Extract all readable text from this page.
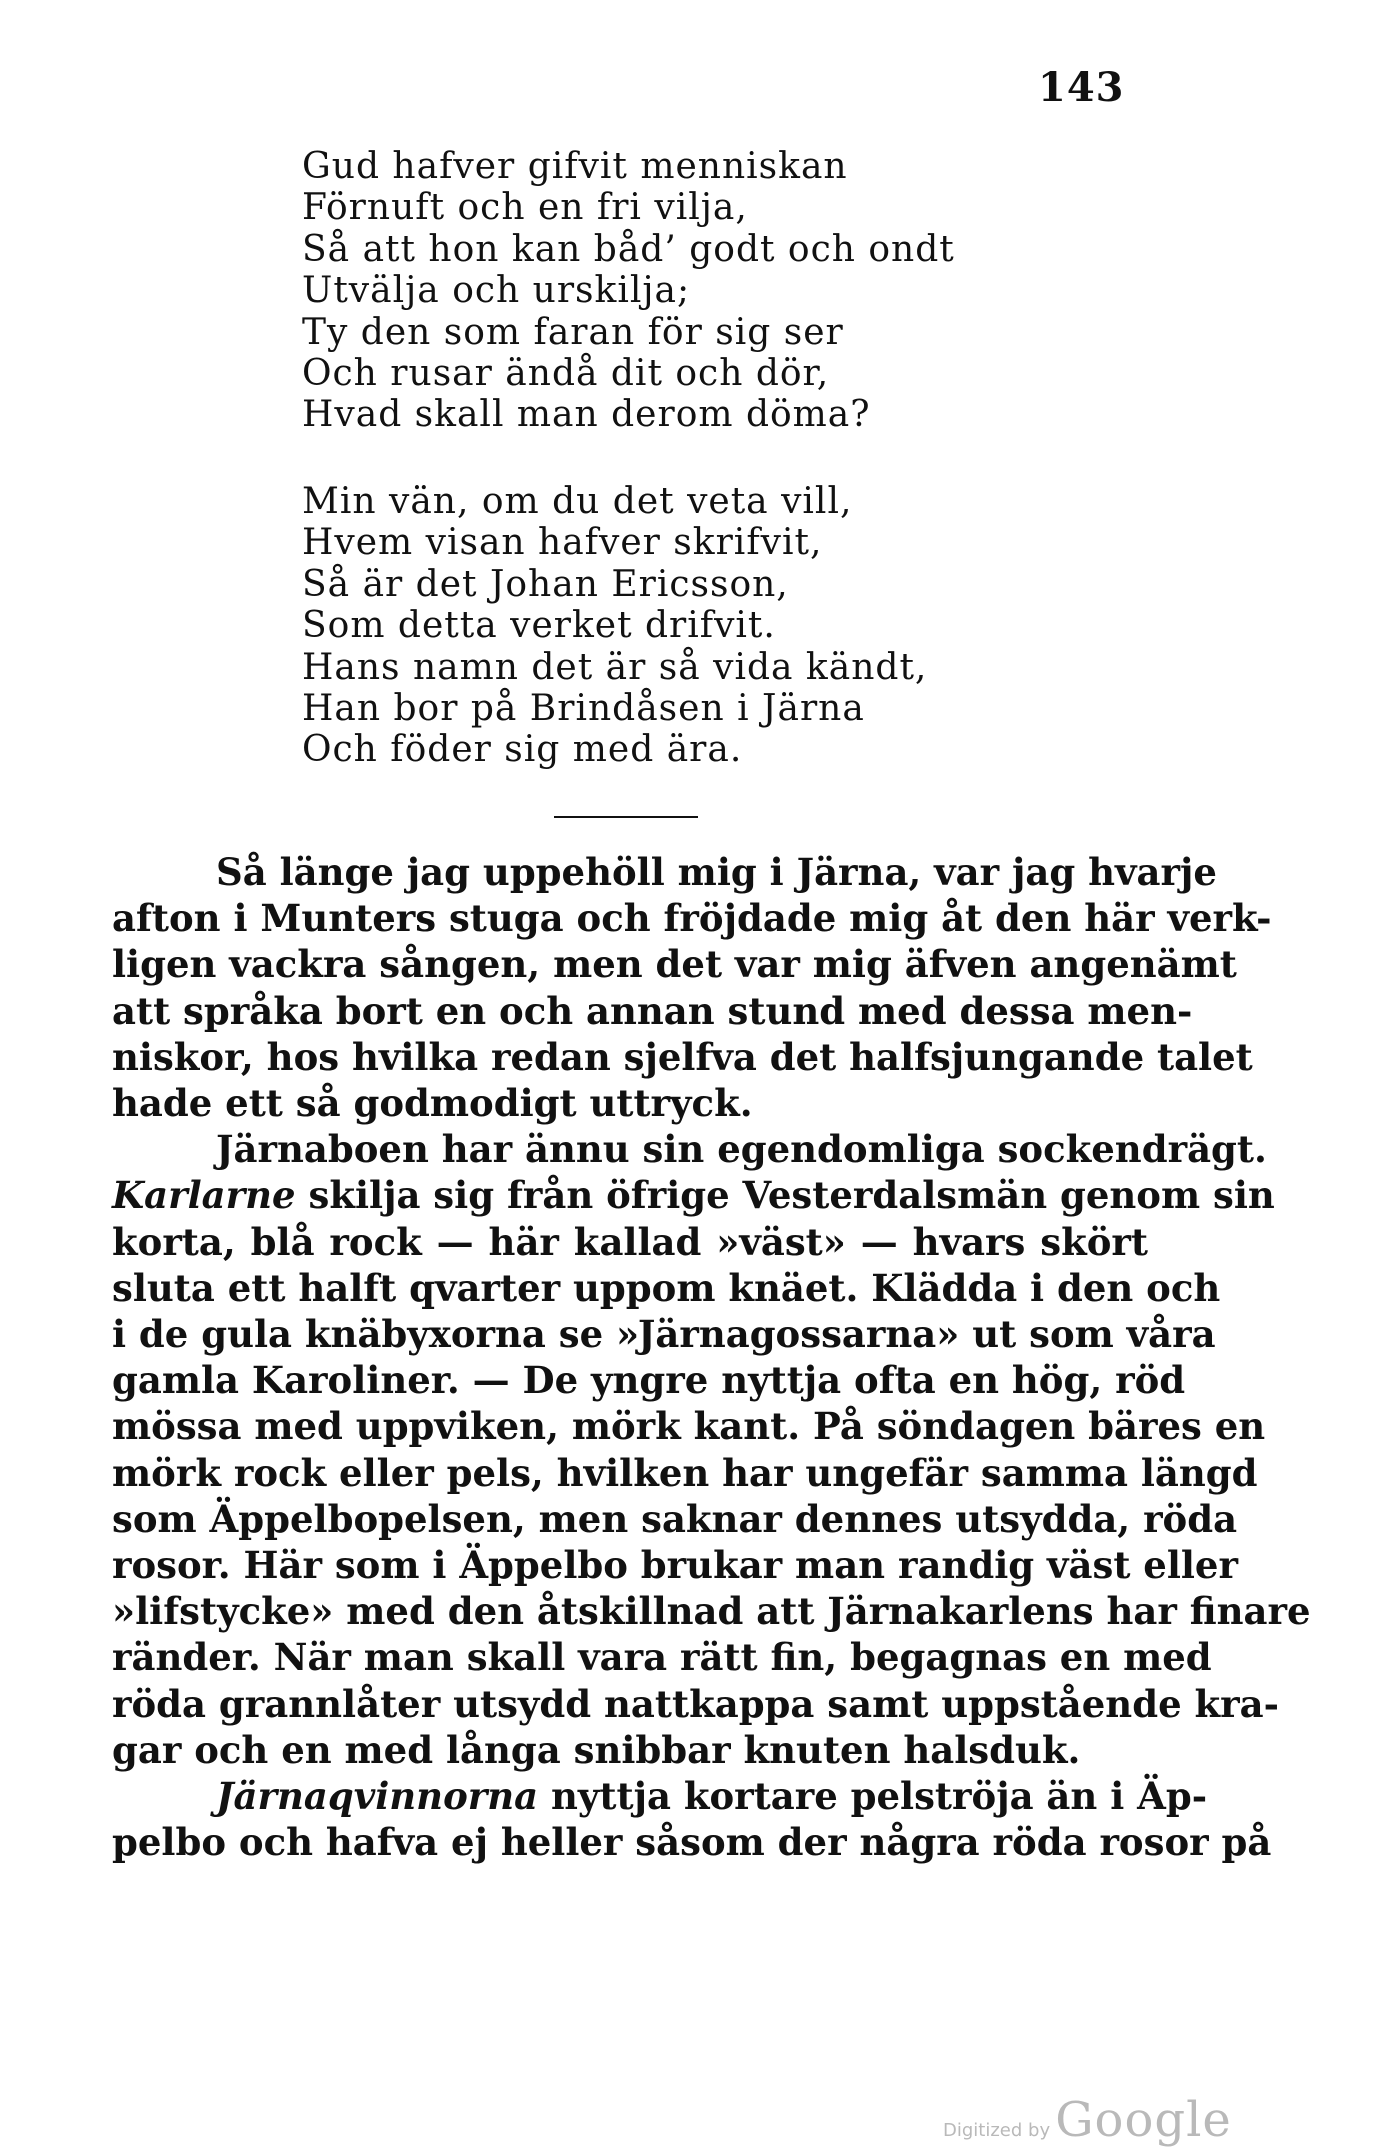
143
Gud hafver gifvit menniskan
Förnuft och en fri vilja,
Så att hon kan båd’ godt och ondt
Utvälja och urskilja;
Ty den som faran för sig ser
Och rusar ändå dit och dör,
Hvad skall man derom döma?
Min vän, om du det veta vill,
Hvem visan hafver skrifvit,
Så är det Johan Ericsson,
Som detta verket drifvit.
Hans namn det är så vida kändt,
Han bor på Brindåsen i Järna
Och föder sig med ära.
Så länge jag uppehöll mig i Järna, var jag hvarje
afton i Munters stuga och fröjdade mig åt den här verk-
ligen vackra sången, men det var mig äfven angenämt
att språka bort en och annan stund med dessa men-
niskor, hos hvilka redan sjelfva det halfsjungande talet
hade ett så godmodigt uttryck.
Järnaboen har ännu sin egendomliga sockendrägt.
Karlarne skilja sig från öfrige Vesterdalsmän genom sin
korta, blå rock — här kallad »väst» — hvars skört
sluta ett halft qvarter uppom knäet. Klädda i den och
i de gula knäbyxorna se »Järnagossarna» ut som våra
gamla Karoliner. — De yngre nyttja ofta en hög, röd
mössa med uppviken, mörk kant. På söndagen bäres en
mörk rock eller pels, hvilken har ungefär samma längd
som Äppelbopelsen, men saknar dennes utsydda, röda
rosor. Här som i Äppelbo brukar man randig väst eller
»lifstycke» med den åtskillnad att Järnakarlens har finare
ränder. När man skall vara rätt fin, begagnas en med
röda grannlåter utsydd nattkappa samt uppstående kra-
gar och en med långa snibbar knuten halsduk.
Järnaqvinnorna nyttja kortare pelströja än i Äp-
pelbo och hafva ej heller såsom der några röda rosor på
Digitized by Google
